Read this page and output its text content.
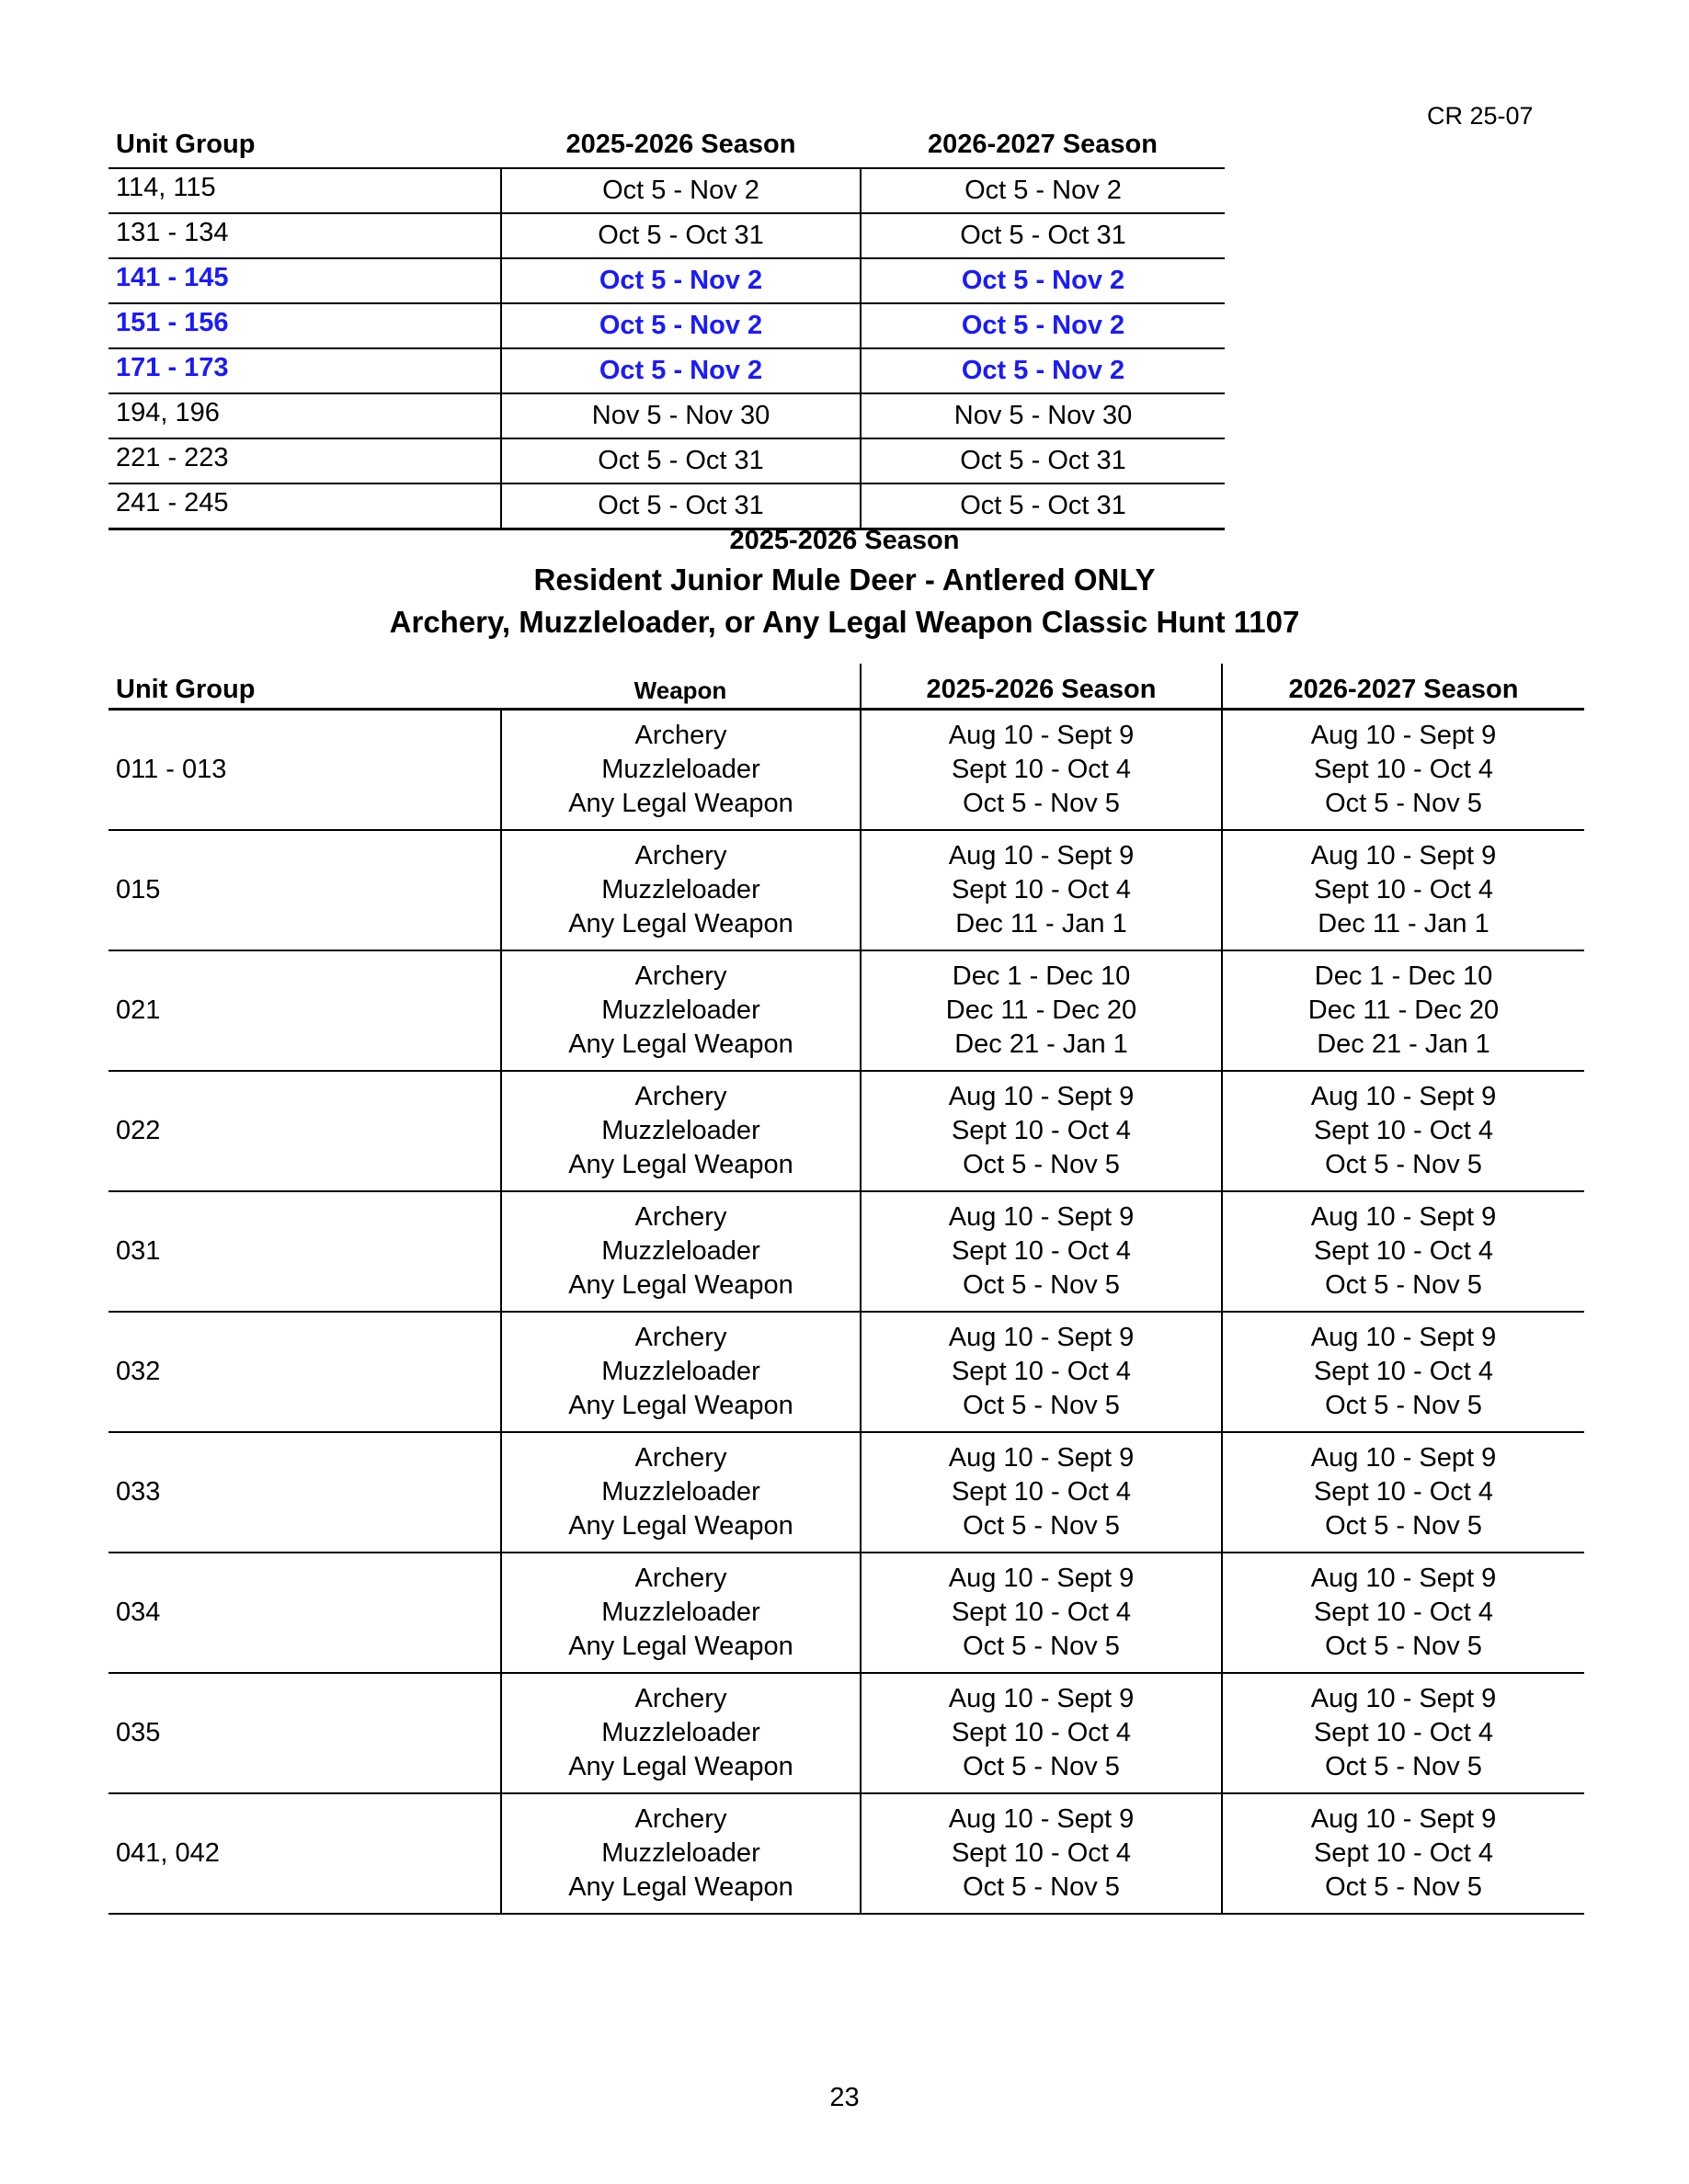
CR 25-07
Unit Group	2025-2026 Season	2026-2027 Season
114, 115	Oct 5 - Nov 2	Oct 5 - Nov 2
131 - 134	Oct 5 - Oct 31	Oct 5 - Oct 31
141 - 145	Oct 5 - Nov 2	Oct 5 - Nov 2
151 - 156	Oct 5 - Nov 2	Oct 5 - Nov 2
171 - 173	Oct 5 - Nov 2	Oct 5 - Nov 2
194, 196	Nov 5 - Nov 30	Nov 5 - Nov 30
221 - 223	Oct 5 - Oct 31	Oct 5 - Oct 31
241 - 245	Oct 5 - Oct 31	Oct 5 - Oct 31
2025-2026 Season
Resident Junior Mule Deer - Antlered ONLY
Archery, Muzzleloader, or Any Legal Weapon Classic Hunt 1107
Unit Group	Weapon	2025-2026 Season	2026-2027 Season
011 - 013	Archery
Muzzleloader
Any Legal Weapon	Aug 10 - Sept 9
Sept 10 - Oct 4
Oct 5 - Nov 5	Aug 10 - Sept 9
Sept 10 - Oct 4
Oct 5 - Nov 5

015	Archery
Muzzleloader
Any Legal Weapon	Aug 10 - Sept 9
Sept 10 - Oct 4
Dec 11 - Jan 1	Aug 10 - Sept 9
Sept 10 - Oct 4
Dec 11 - Jan 1

021	Archery
Muzzleloader
Any Legal Weapon	Dec 1 - Dec 10
Dec 11 - Dec 20
Dec 21 - Jan 1	Dec 1 - Dec 10
Dec 11 - Dec 20
Dec 21 - Jan 1

022	Archery
Muzzleloader
Any Legal Weapon	Aug 10 - Sept 9
Sept 10 - Oct 4
Oct 5 - Nov 5	Aug 10 - Sept 9
Sept 10 - Oct 4
Oct 5 - Nov 5

031	Archery
Muzzleloader
Any Legal Weapon	Aug 10 - Sept 9
Sept 10 - Oct 4
Oct 5 - Nov 5	Aug 10 - Sept 9
Sept 10 - Oct 4
Oct 5 - Nov 5

032	Archery
Muzzleloader
Any Legal Weapon	Aug 10 - Sept 9
Sept 10 - Oct 4
Oct 5 - Nov 5	Aug 10 - Sept 9
Sept 10 - Oct 4
Oct 5 - Nov 5

033	Archery
Muzzleloader
Any Legal Weapon	Aug 10 - Sept 9
Sept 10 - Oct 4
Oct 5 - Nov 5	Aug 10 - Sept 9
Sept 10 - Oct 4
Oct 5 - Nov 5

034	Archery
Muzzleloader
Any Legal Weapon	Aug 10 - Sept 9
Sept 10 - Oct 4
Oct 5 - Nov 5	Aug 10 - Sept 9
Sept 10 - Oct 4
Oct 5 - Nov 5

035	Archery
Muzzleloader
Any Legal Weapon	Aug 10 - Sept 9
Sept 10 - Oct 4
Oct 5 - Nov 5	Aug 10 - Sept 9
Sept 10 - Oct 4
Oct 5 - Nov 5

041, 042	Archery
Muzzleloader
Any Legal Weapon	Aug 10 - Sept 9
Sept 10 - Oct 4
Oct 5 - Nov 5	Aug 10 - Sept 9
Sept 10 - Oct 4
Oct 5 - Nov 5
23
